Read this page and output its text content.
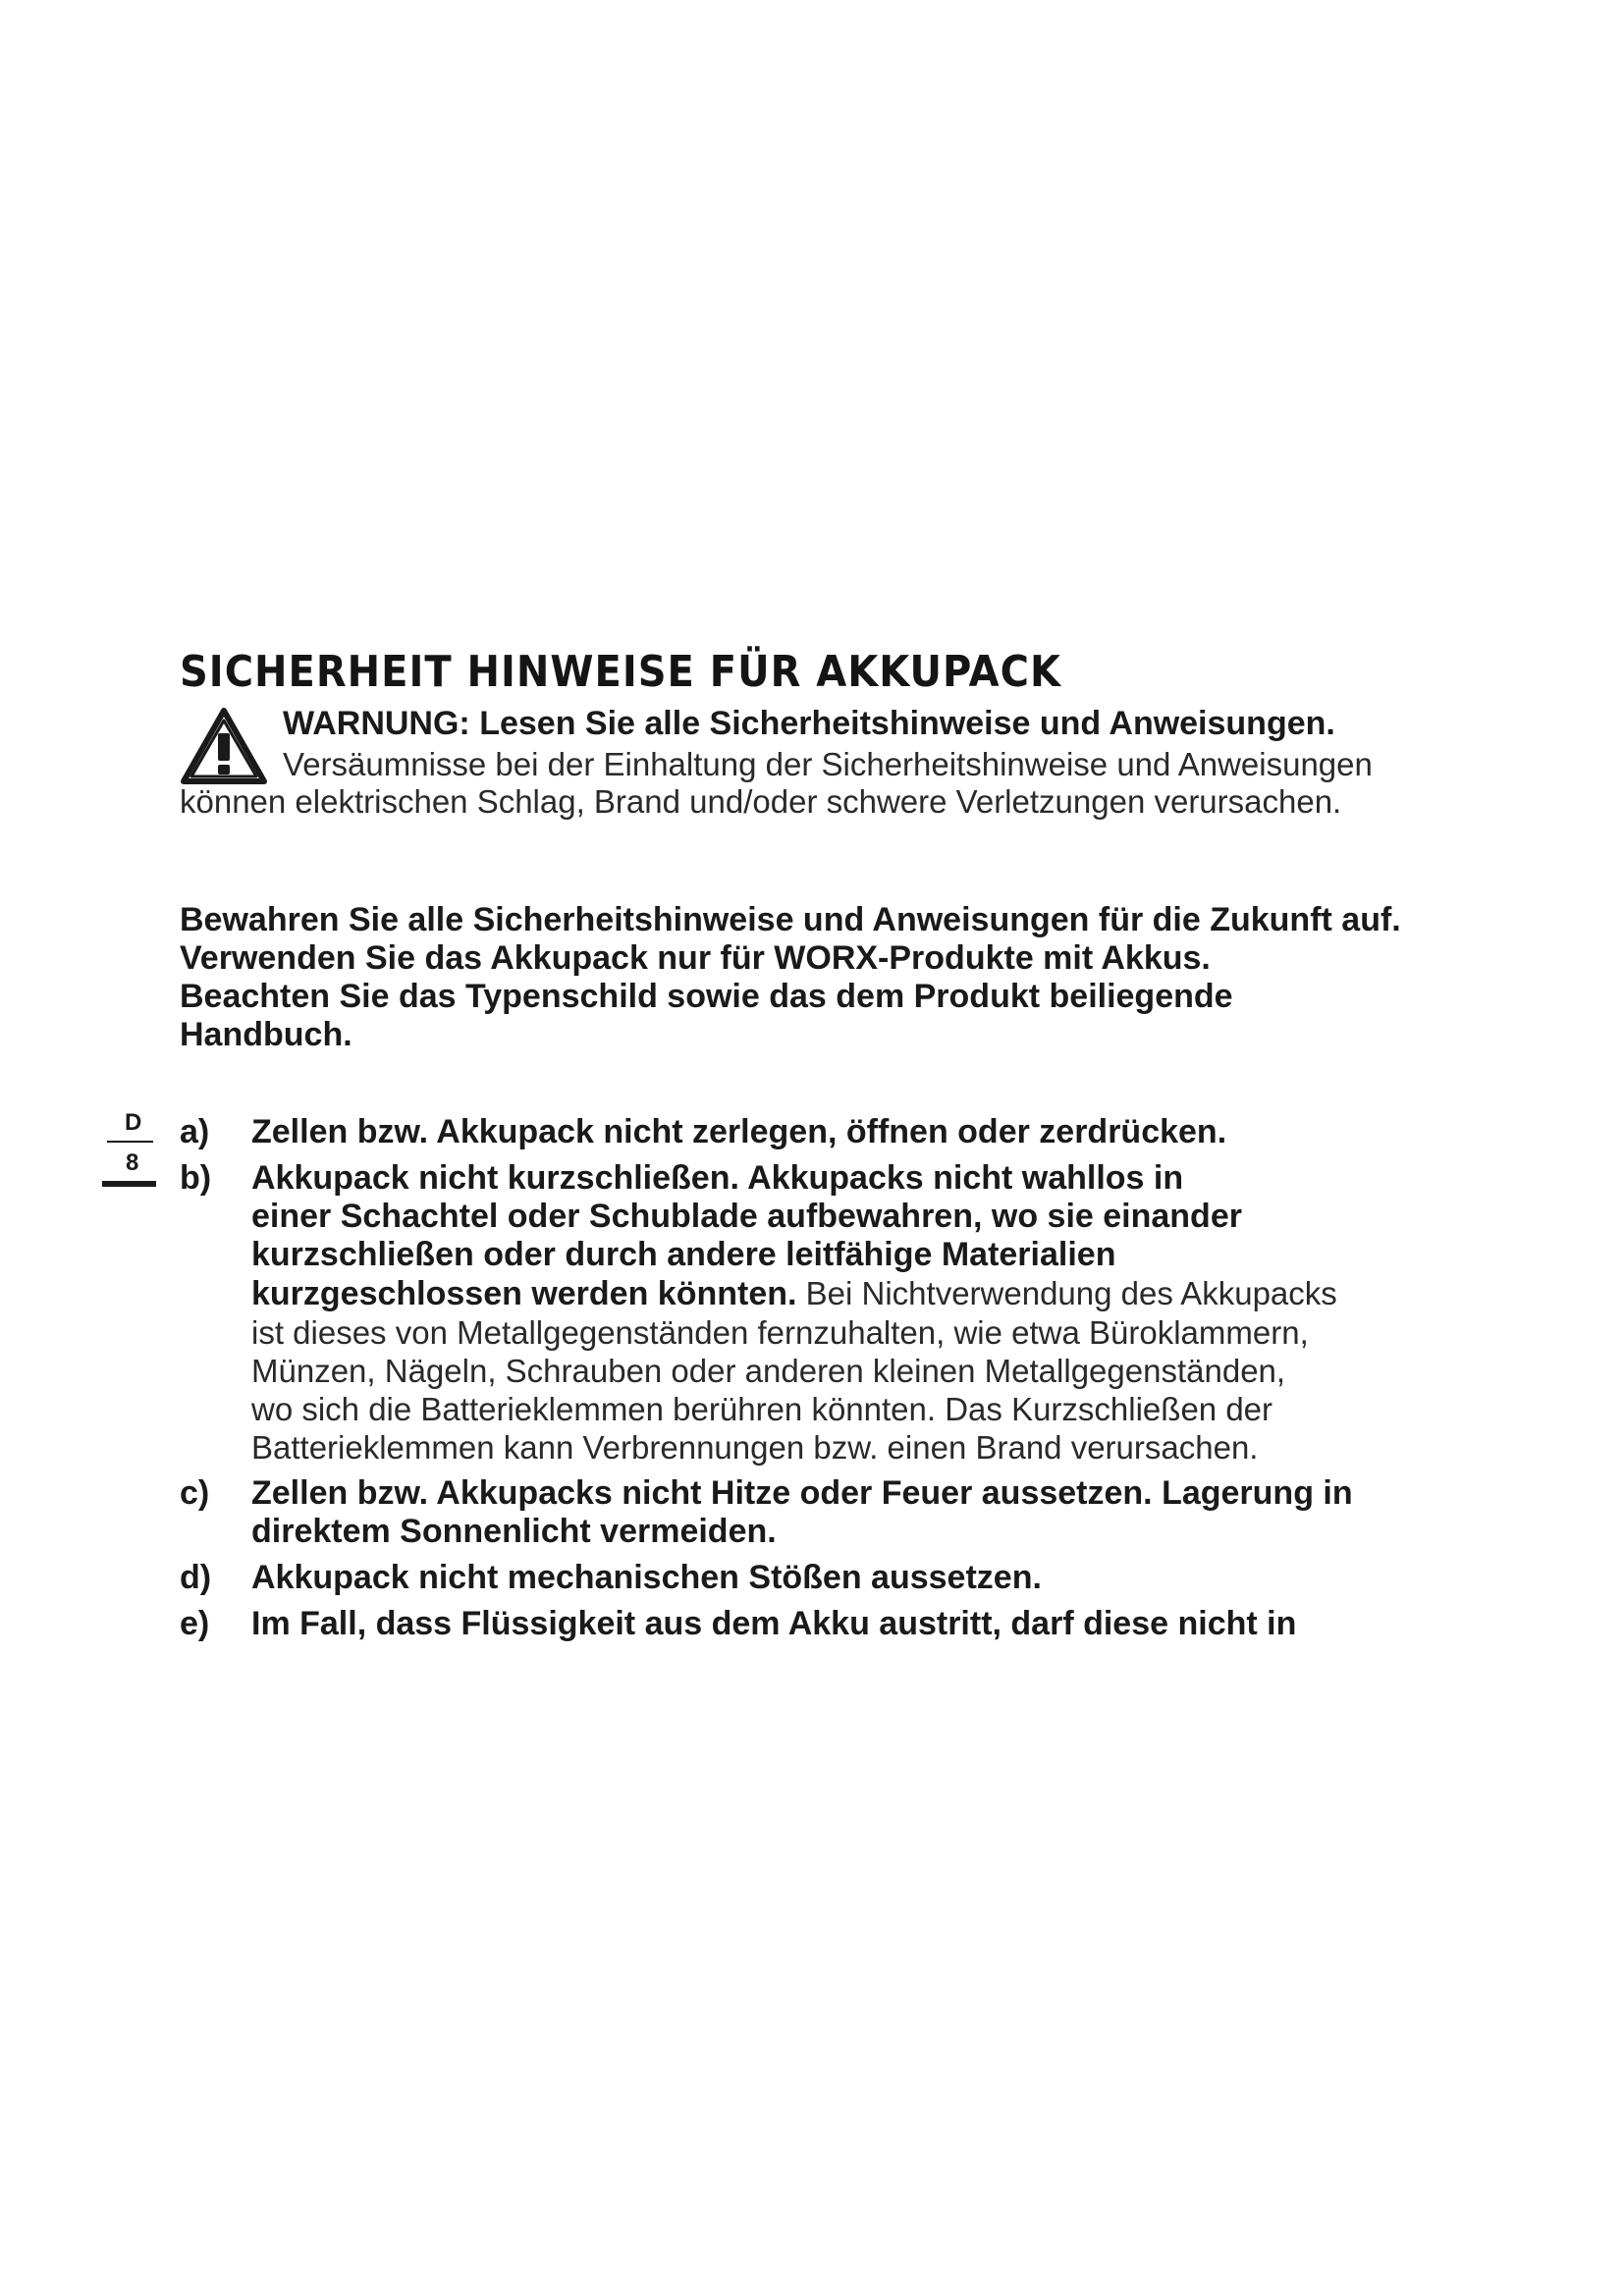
SICHERHEIT HINWEISE FÜR AKKUPACK
WARNUNG: Lesen Sie alle Sicherheitshinweise und Anweisungen.
Versäumnisse bei der Einhaltung der Sicherheitshinweise und Anweisungen können elektrischen Schlag, Brand und/oder schwere Verletzungen verursachen.
Bewahren Sie alle Sicherheitshinweise und Anweisungen für die Zukunft auf.
Verwenden Sie das Akkupack nur für WORX-Produkte mit Akkus.
Beachten Sie das Typenschild sowie das dem Produkt beiliegende
Handbuch.
D
8
a)	Zellen bzw. Akkupack nicht zerlegen, öffnen oder zerdrücken.
b) Akkupack nicht kurzschließen. Akkupacks nicht wahllos in
einer Schachtel oder Schublade aufbewahren, wo sie einander
kurzschließen oder durch andere leitfähige Materialien
kurzgeschlossen werden könnten. Bei Nichtverwendung des Akkupacks
ist dieses von Metallgegenständen fernzuhalten, wie etwa Büroklammern,
Münzen, Nägeln, Schrauben oder anderen kleinen Metallgegenständen,
wo sich die Batterieklemmen berühren könnten. Das Kurzschließen der
Batterieklemmen kann Verbrennungen bzw. einen Brand verursachen.
c) Zellen bzw. Akkupacks nicht Hitze oder Feuer aussetzen. Lagerung in
direktem Sonnenlicht vermeiden.
d)	Akkupack nicht mechanischen Stößen aussetzen.
e)	Im Fall, dass Flüssigkeit aus dem Akku austritt, darf diese nicht in
